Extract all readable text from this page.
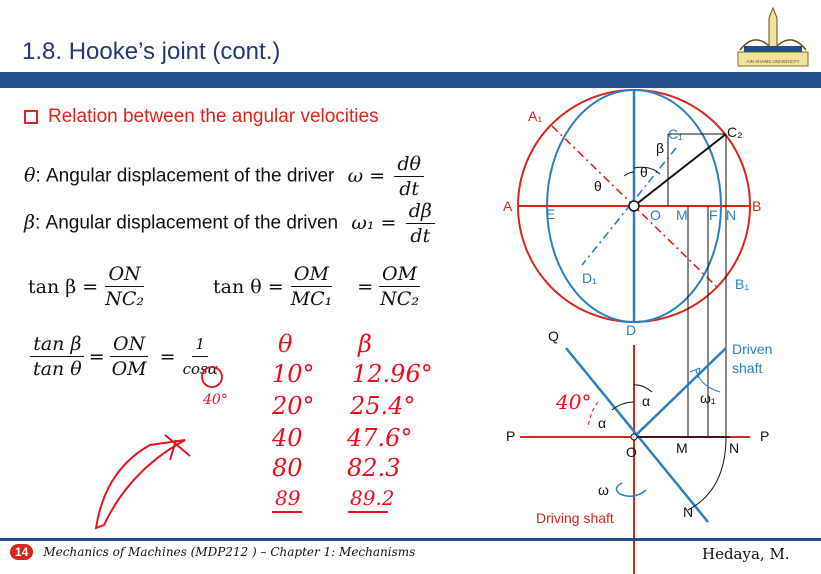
1.8. Hooke’s joint (cont.)	AIN SHAMS UNIVERSITY
Relation between the angular velocities
θ: Angular displacement of the driver $\omega = \frac{d\theta}{dt}$
β: Angular displacement of the driven $\omega_1 = \frac{d\beta}{dt}$
$\tan \beta = \frac{ON}{\text{NC₂}}$	$\tan \theta = \frac{OM}{\text{MC₁}} = \frac{OM}{\text{NC₂}}$
$\frac{\text{tan β}}{\text{tan θ}} = \frac{ON}{OM} = \frac{1}{\cos\alpha}$
40°
θ	β
10° 12.96°
20° 25.4°
40 47.6°
80 82.3
89 89.2
A₁
A E
D₁
D
β
C₁	C₂
θ
θ
O M F N
B
B₁
Q
P	P
α
α
O	M	N
N
ω
ω₁
Driven shaft
Driving shaft
40°
14	Mechanics of Machines (MDP212 ) – Chapter 1: Mechanisms	Hedaya, M.
